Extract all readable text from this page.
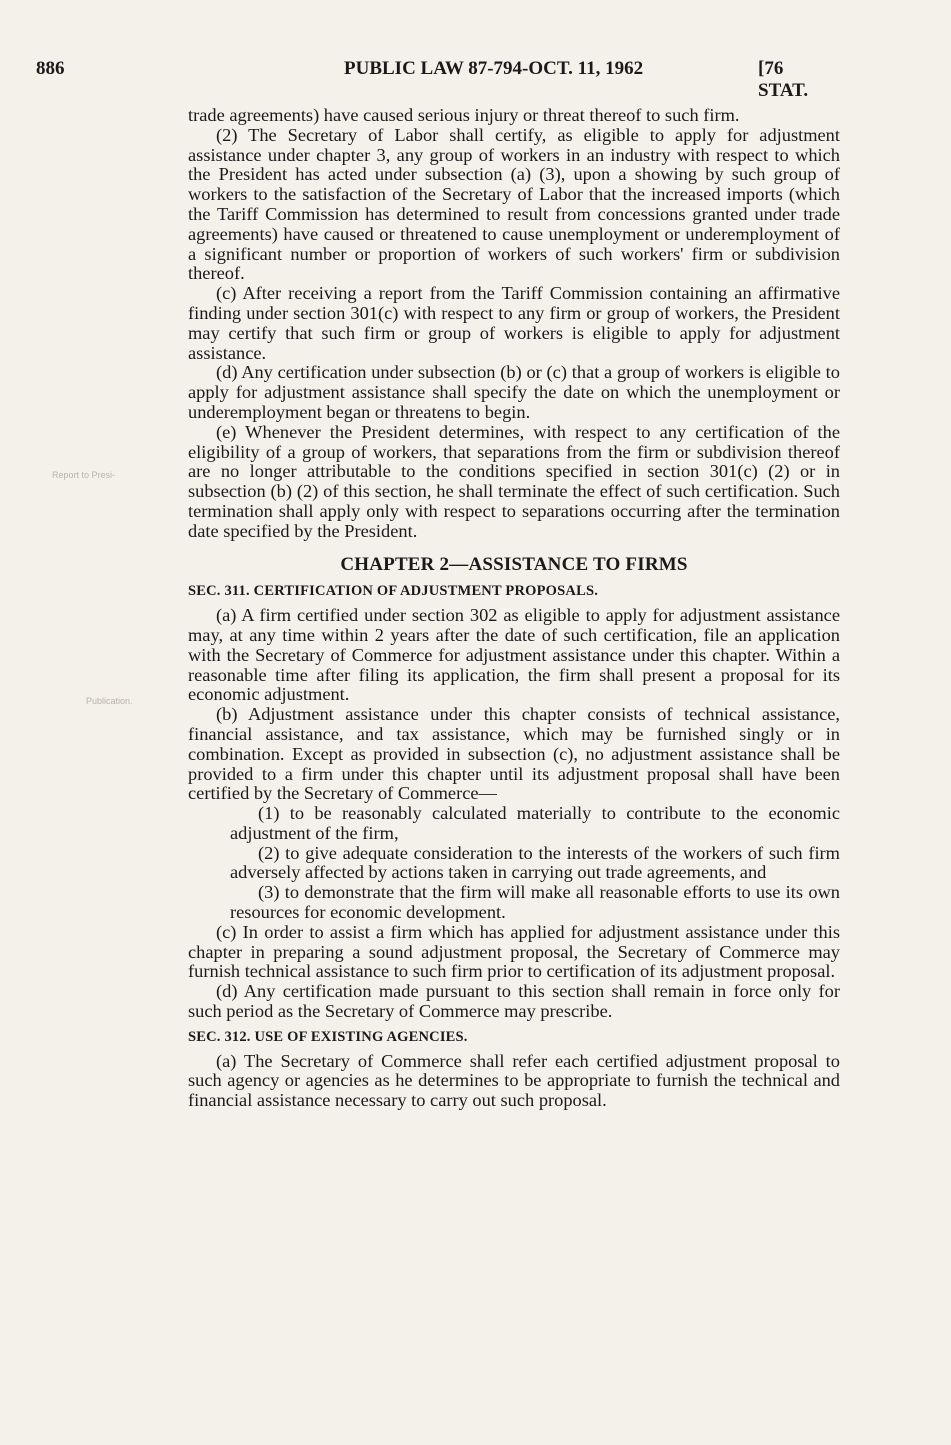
886	PUBLIC LAW 87-794-OCT. 11, 1962	[76 STAT.
Report to Presi-
Publication.

trade agreements) have caused serious injury or threat thereof to such firm.

(2) The Secretary of Labor shall certify, as eligible to apply for adjustment assistance under chapter 3, any group of workers in an industry with respect to which the President has acted under subsection (a) (3), upon a showing by such group of workers to the satisfaction of the Secretary of Labor that the increased imports (which the Tariff Commission has determined to result from concessions granted under trade agreements) have caused or threatened to cause unemployment or underemployment of a significant number or proportion of workers of such workers' firm or subdivision thereof.

(c) After receiving a report from the Tariff Commission containing an affirmative finding under section 301(c) with respect to any firm or group of workers, the President may certify that such firm or group of workers is eligible to apply for adjustment assistance.

(d) Any certification under subsection (b) or (c) that a group of workers is eligible to apply for adjustment assistance shall specify the date on which the unemployment or underemployment began or threatens to begin.

(e) Whenever the President determines, with respect to any certification of the eligibility of a group of workers, that separations from the firm or subdivision thereof are no longer attributable to the conditions specified in section 301(c) (2) or in subsection (b) (2) of this section, he shall terminate the effect of such certification. Such termination shall apply only with respect to separations occurring after the termination date specified by the President.

CHAPTER 2—ASSISTANCE TO FIRMS

SEC. 311. CERTIFICATION OF ADJUSTMENT PROPOSALS.

(a) A firm certified under section 302 as eligible to apply for adjustment assistance may, at any time within 2 years after the date of such certification, file an application with the Secretary of Commerce for adjustment assistance under this chapter. Within a reasonable time after filing its application, the firm shall present a proposal for its economic adjustment.

(b) Adjustment assistance under this chapter consists of technical assistance, financial assistance, and tax assistance, which may be furnished singly or in combination. Except as provided in subsection (c), no adjustment assistance shall be provided to a firm under this chapter until its adjustment proposal shall have been certified by the Secretary of Commerce—

(1) to be reasonably calculated materially to contribute to the economic adjustment of the firm,

(2) to give adequate consideration to the interests of the workers of such firm adversely affected by actions taken in carrying out trade agreements, and

(3) to demonstrate that the firm will make all reasonable efforts to use its own resources for economic development.

(c) In order to assist a firm which has applied for adjustment assistance under this chapter in preparing a sound adjustment proposal, the Secretary of Commerce may furnish technical assistance to such firm prior to certification of its adjustment proposal.

(d) Any certification made pursuant to this section shall remain in force only for such period as the Secretary of Commerce may prescribe.

SEC. 312. USE OF EXISTING AGENCIES.

(a) The Secretary of Commerce shall refer each certified adjustment proposal to such agency or agencies as he determines to be appropriate to furnish the technical and financial assistance necessary to carry out such proposal.
